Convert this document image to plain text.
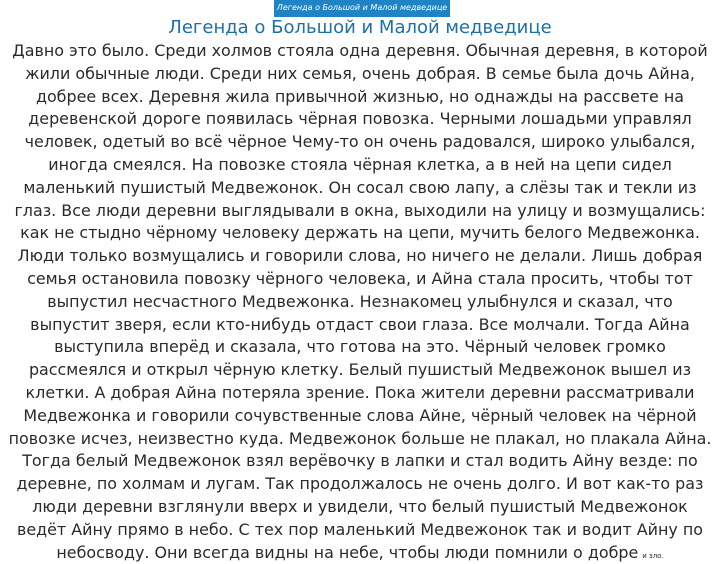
Легенда о Большой и Малой медведице
Легенда о Большой и Малой медведице
Давно это было. Среди холмов стояла одна деревня. Обычная деревня, в которой
жили обычные люди. Среди них семья, очень добрая. В семье была дочь Айна,
добрее всех. Деревня жила привычной жизнью, но однажды на рассвете на
деревенской дороге появилась чёрная повозка. Черными лошадьми управлял
человек, одетый во всё чёрное Чему-то он очень радовался, широко улыбался,
иногда смеялся. На повозке стояла чёрная клетка, а в ней на цепи сидел
маленький пушистый Медвежонок. Он сосал свою лапу, а слёзы так и текли из
глаз. Все люди деревни выглядывали в окна, выходили на улицу и возмущались:
как не стыдно чёрному человеку держать на цепи, мучить белого Медвежонка.
Люди только возмущались и говорили слова, но ничего не делали. Лишь добрая
семья остановила повозку чёрного человека, и Айна стала просить, чтобы тот
выпустил несчастного Медвежонка. Незнакомец улыбнулся и сказал, что
выпустит зверя, если кто-нибудь отдаст свои глаза. Все молчали. Тогда Айна
выступила вперёд и сказала, что готова на это. Чёрный человек громко
рассмеялся и открыл чёрную клетку. Белый пушистый Медвежонок вышел из
клетки. А добрая Айна потеряла зрение. Пока жители деревни рассматривали
Медвежонка и говорили сочувственные слова Айне, чёрный человек на чёрной
повозке исчез, неизвестно куда. Медвежонок больше не плакал, но плакала Айна.
Тогда белый Медвежонок взял верёвочку в лапки и стал водить Айну везде: по
деревне, по холмам и лугам. Так продолжалось не очень долго. И вот как-то раз
люди деревни взглянули вверх и увидели, что белый пушистый Медвежонок
ведёт Айну прямо в небо. С тех пор маленький Медвежонок так и водит Айну по
небосводу. Они всегда видны на небе, чтобы люди помнили о добре и зло.
